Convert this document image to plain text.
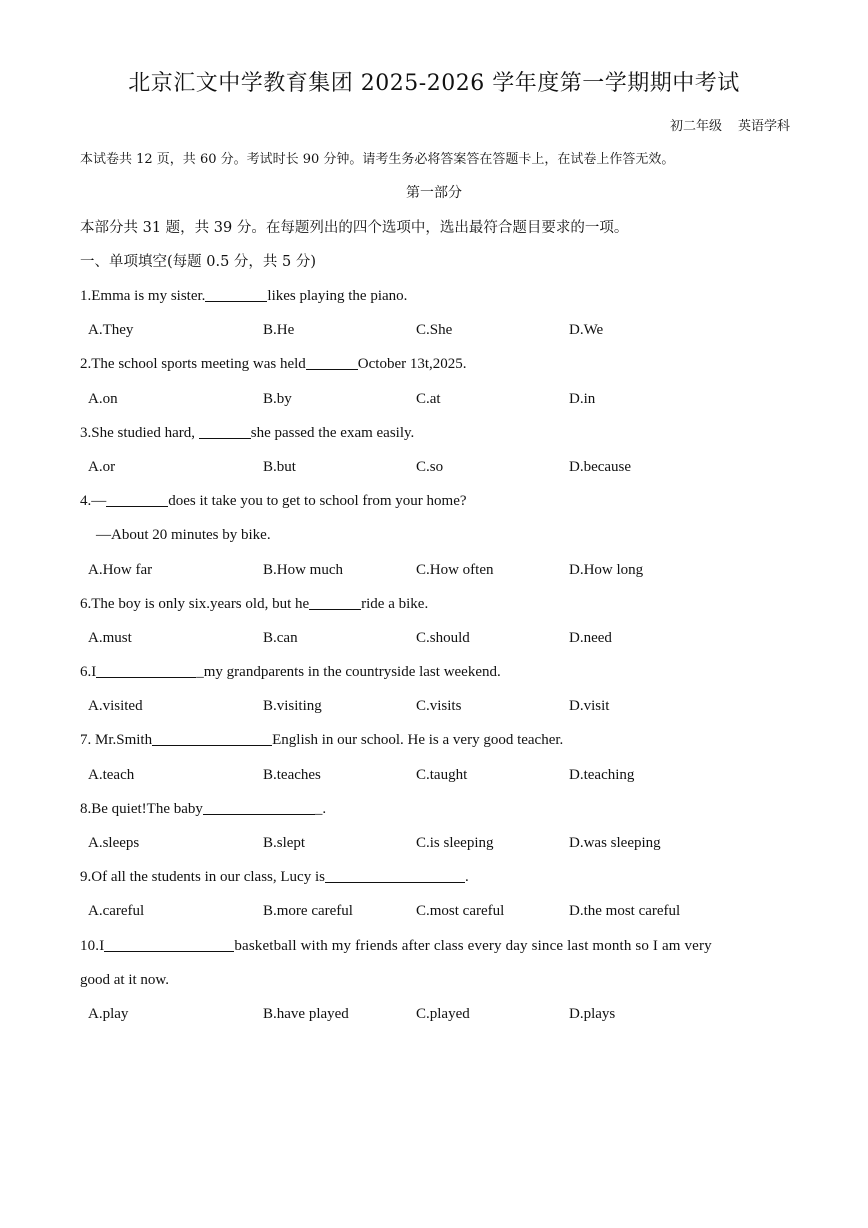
北京汇文中学教育集团 2025-2026 学年度第一学期期中考试
初二年级 英语学科
本试卷共 12 页，共 60 分。考试时长 90 分钟。请考生务必将答案答在答题卡上，在试卷上作答无效。
第一部分
本部分共 31 题，共 39 分。在每题列出的四个选项中，选出最符合题目要求的一项。
一、单项填空(每题 0.5 分，共 5 分)
1.Emma is my sister.	likes playing the piano.
A.They	B.He	C.She	D.We
2.The school sports meeting was held	October 13t,2025.
A.on	B.by	C.at	D.in
3.She studied hard,	she passed the exam easily.
A.or	B.but	C.so	D.because
4.—	does it take you to get to school from your home?
—About 20 minutes by bike.
A.How far	B.How much	C.How often	D.How long
6.The boy is only six.years old, but he	ride a bike.
A.must	B.can	C.should	D.need
6.I	_my grandparents in the countryside last weekend.
A.visited	B.visiting	C.visits	D.visit
7. Mr.Smith	English in our school. He is a very good teacher.
A.teach	B.teaches	C.taught	D.teaching
8.Be quiet!The baby	_.
A.sleeps	B.slept	C.is sleeping	D.was sleeping
9.Of all the students in our class, Lucy is	.
A.careful	B.more careful	C.most careful	D.the most careful
10.I	basketball with my friends after class every day since last month so I am very
good at it now.
A.play	B.have played	C.played	D.plays
